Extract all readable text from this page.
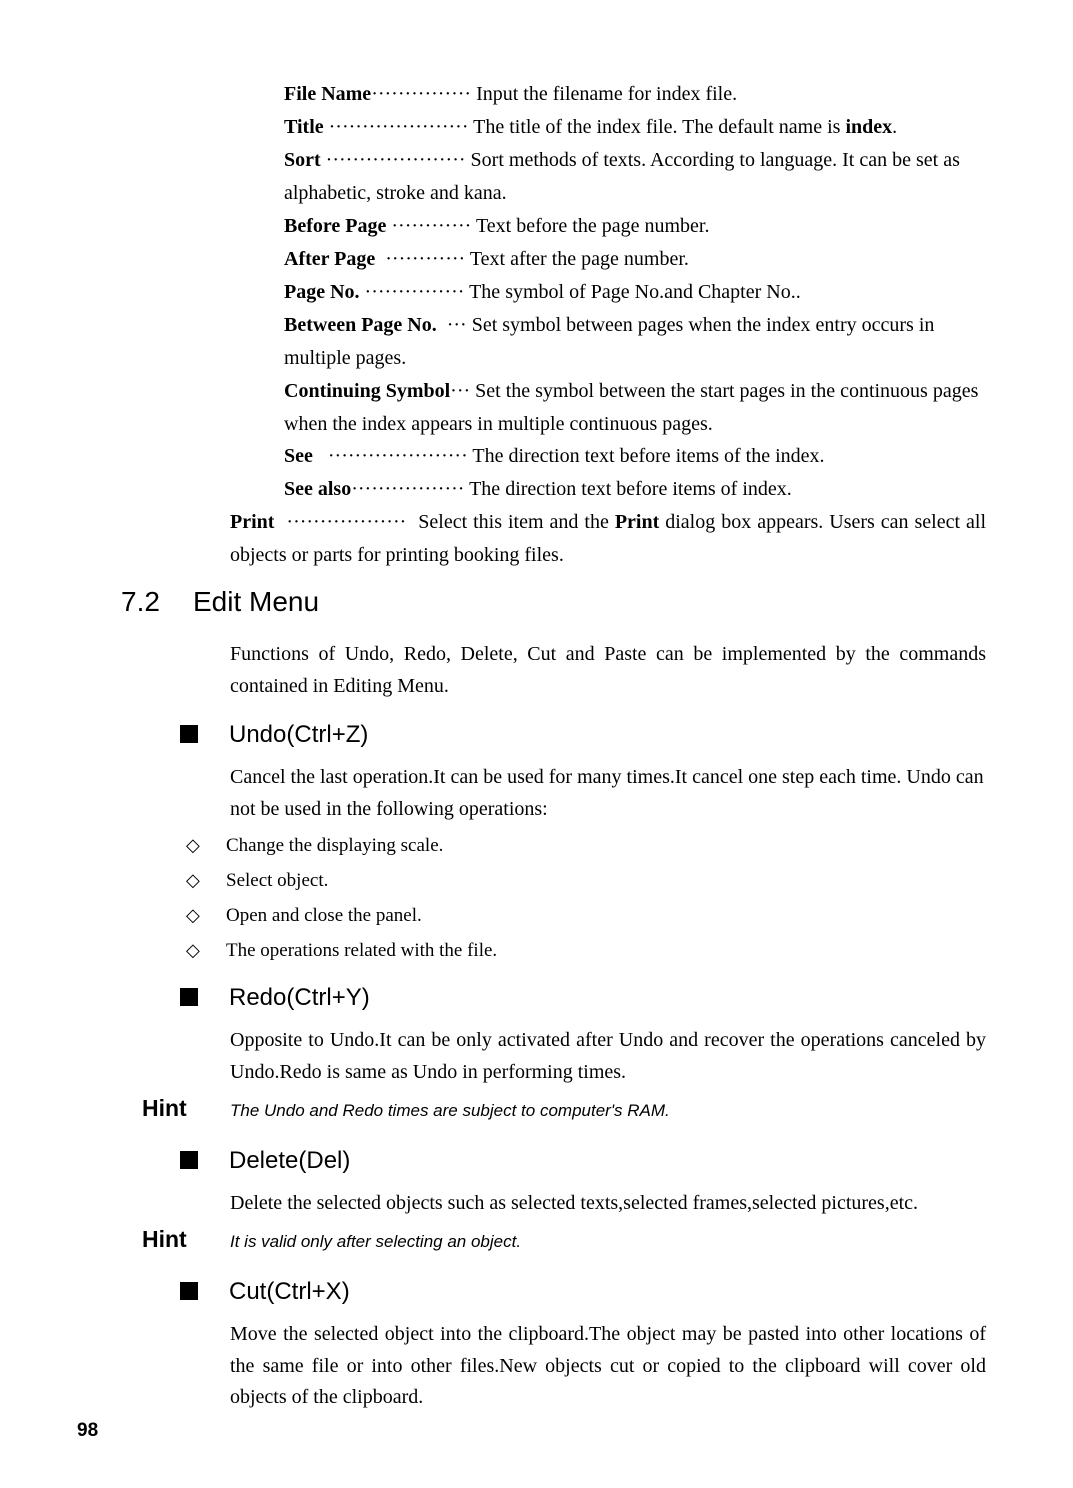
File Name··············· Input the filename for index file.

Title ····················· The title of the index file. The default name is index.

Sort ····················· Sort methods of texts. According to language. It can be set as alphabetic, stroke and kana.

Before Page ············ Text before the page number.

After Page ············ Text after the page number.

Page No. ··············· The symbol of Page No.and Chapter No..

Between Page No. ··· Set symbol between pages when the index entry occurs in multiple pages.

Continuing Symbol··· Set the symbol between the start pages in the continuous pages when the index appears in multiple continuous pages.

See ····················· The direction text before items of the index.

See also················· The direction text before items of index.

Print ·················· Select this item and the Print dialog box appears. Users can select all objects or parts for printing booking files.

7.2 Edit Menu

Functions of Undo, Redo, Delete, Cut and Paste can be implemented by the commands contained in Editing Menu.

Undo(Ctrl+Z)

Cancel the last operation.It can be used for many times.It cancel one step each time. Undo can not be used in the following operations:

◇ Change the displaying scale.

◇ Select object.

◇ Open and close the panel.

◇ The operations related with the file.

Redo(Ctrl+Y)

Opposite to Undo.It can be only activated after Undo and recover the operations canceled by Undo.Redo is same as Undo in performing times.

Hint	The Undo and Redo times are subject to computer's RAM.

Delete(Del)

Delete the selected objects such as selected texts,selected frames,selected pictures,etc.

Hint	It is valid only after selecting an object.

Cut(Ctrl+X)

Move the selected object into the clipboard.The object may be pasted into other locations of the same file or into other files.New objects cut or copied to the clipboard will cover old objects of the clipboard.

98
